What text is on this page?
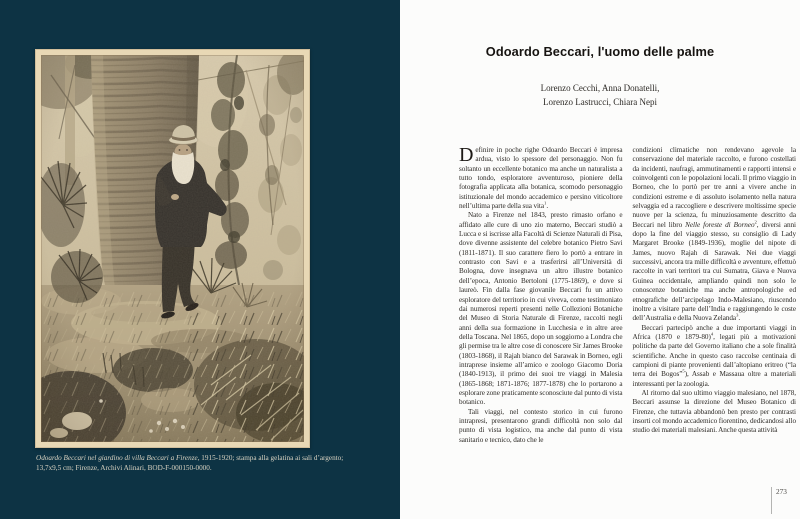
Odoardo Beccari nel giardino di villa Beccari a Firenze, 1915-1920; stampa alla gelatina ai sali d’argento; 13,7x9,5 cm; Firenze, Archivi Alinari, BOD-F-000150-0000.
Odoardo Beccari, l'uomo delle palme
Lorenzo Cecchi, Anna Donatelli,
Lorenzo Lastrucci, Chiara Nepi

Definire in poche righe Odoardo Beccari è impresa ardua, visto lo spessore del personaggio. Non fu soltanto un eccellente botanico ma anche un naturalista a tutto tondo, esploratore avventuroso, pioniere della fotografia applicata alla botanica, scomodo personaggio istituzionale del mondo accademico e persino viticoltore nell’ultima parte della sua vita$^1$.

Nato a Firenze nel 1843, presto rimasto orfano e affidato alle cure di uno zio materno, Beccari studiò a Lucca e si iscrisse alla Facoltà di Scienze Naturali di Pisa, dove divenne assistente del celebre botanico Pietro Savi (1811-1871). Il suo carattere fiero lo portò a entrare in contrasto con Savi e a trasferirsi all’Università di Bologna, dove insegnava un altro illustre botanico dell’epoca, Antonio Bertoloni (1775-1869), e dove si laureò. Fin dalla fase giovanile Beccari fu un attivo esploratore del territorio in cui viveva, come testimoniato dai numerosi reperti presenti nelle Collezioni Botaniche del Museo di Storia Naturale di Firenze, raccolti negli anni della sua formazione in Lucchesia e in altre aree della Toscana. Nel 1865, dopo un soggiorno a Londra che gli permise tra le altre cose di conoscere Sir James Brooke (1803-1868), il Rajah bianco del Sarawak in Borneo, egli intraprese insieme all’amico e zoologo Giacomo Doria (1840-1913), il primo dei suoi tre viaggi in Malesia (1865-1868; 1871-1876; 1877-1878) che lo portarono a esplorare zone praticamente sconosciute dal punto di vista botanico.

Tali viaggi, nel contesto storico in cui furono intrapresi, presentarono grandi difficoltà non solo dal punto di vista logistico, ma anche dal punto di vista sanitario e tecnico, dato che le

condizioni climatiche non rendevano agevole la conservazione del materiale raccolto, e furono costellati da incidenti, naufragi, ammutinamenti e rapporti intensi e coinvolgenti con le popolazioni locali. Il primo viaggio in Borneo, che lo portò per tre anni a vivere anche in condizioni estreme e di assoluto isolamento nella natura selvaggia ed a raccogliere e descrivere moltissime specie nuove per la scienza, fu minuziosamente descritto da Beccari nel libro Nelle foreste di Borneo$^2$, diversi anni dopo la fine del viaggio stesso, su consiglio di Lady Margaret Brooke (1849-1936), moglie del nipote di James, nuovo Rajah di Sarawak. Nei due viaggi successivi, ancora tra mille difficoltà e avventure, effettuò raccolte in vari territori tra cui Sumatra, Giava e Nuova Guinea occidentale, ampliando quindi non solo le conoscenze botaniche ma anche antropologiche ed etnografiche dell’arcipelago Indo-Malesiano, riuscendo inoltre a visitare parte dell’India e raggiungendo le coste dell’Australia e della Nuova Zelanda$^3$.

Beccari partecipò anche a due importanti viaggi in Africa (1870 e 1879-80)$^4$, legati più a motivazioni politiche da parte del Governo italiano che a sole finalità scientifiche. Anche in questo caso raccolse centinaia di campioni di piante provenienti dall’altopiano eritreo (“la terra dei Bogos”$^5$), Assab e Massaua oltre a materiali interessanti per la zoologia.

Al ritorno dal suo ultimo viaggio malesiano, nel 1878, Beccari assunse la direzione del Museo Botanico di Firenze, che tuttavia abbandonò ben presto per contrasti insorti col mondo accademico fiorentino, dedicandosi allo studio dei materiali malesiani. Anche questa attività

273
